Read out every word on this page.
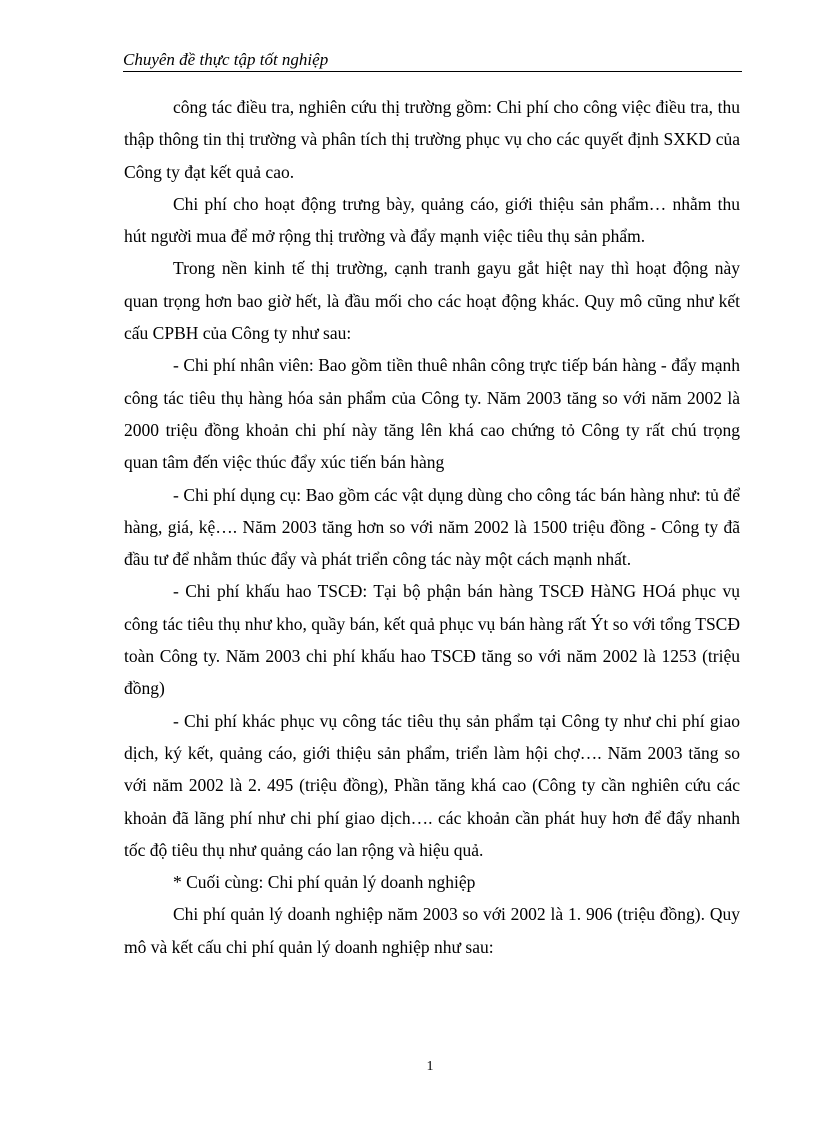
Chuyên đề thực tập tốt nghiệp

công tác điều tra, nghiên cứu thị trường gồm: Chi phí cho công việc điều tra, thu thập thông tin thị trường và phân tích thị trường phục vụ cho các quyết định SXKD của Công ty đạt kết quả cao.

Chi phí cho hoạt động trưng bày, quảng cáo, giới thiệu sản phẩm… nhằm thu hút người mua để mở rộng thị trường và đẩy mạnh việc tiêu thụ sản phẩm.

Trong nền kinh tế thị trường, cạnh tranh gayu gắt hiệt nay thì hoạt động này quan trọng hơn bao giờ hết, là đầu mối cho các hoạt động khác. Quy mô cũng như kết cấu CPBH của Công ty như sau:

- Chi phí nhân viên: Bao gồm tiền thuê nhân công trực tiếp bán hàng - đẩy mạnh công tác tiêu thụ hàng hóa sản phẩm của Công ty. Năm 2003 tăng so với năm 2002 là 2000 triệu đồng khoản chi phí này tăng lên khá cao chứng tỏ Công ty rất chú trọng quan tâm đến việc thúc đẩy xúc tiến bán hàng

- Chi phí dụng cụ: Bao gồm các vật dụng dùng cho công tác bán hàng như: tủ để hàng, giá, kệ…. Năm 2003 tăng hơn so với năm 2002 là 1500 triệu đồng - Công ty đã đầu tư để nhằm thúc đẩy và phát triển công tác này một cách mạnh nhất.

- Chi phí khấu hao TSCĐ: Tại bộ phận bán hàng TSCĐ HàNG HOá phục vụ công tác tiêu thụ như kho, quầy bán, kết quả phục vụ bán hàng rất Ýt so với tổng TSCĐ toàn Công ty. Năm 2003 chi phí khấu hao TSCĐ tăng so với năm 2002 là 1253 (triệu đồng)

- Chi phí khác phục vụ công tác tiêu thụ sản phẩm tại Công ty như chi phí giao dịch, ký kết, quảng cáo, giới thiệu sản phẩm, triển làm hội chợ…. Năm 2003 tăng so với năm 2002 là 2. 495 (triệu đồng), Phần tăng khá cao (Công ty cần nghiên cứu các khoản đã lãng phí như chi phí giao dịch…. các khoản cần phát huy hơn để đẩy nhanh tốc độ tiêu thụ như quảng cáo lan rộng và hiệu quả.

* Cuối cùng: Chi phí quản lý doanh nghiệp

Chi phí quản lý doanh nghiệp năm 2003 so với 2002 là 1. 906 (triệu đồng). Quy mô và kết cấu chi phí quản lý doanh nghiệp như sau:

1
